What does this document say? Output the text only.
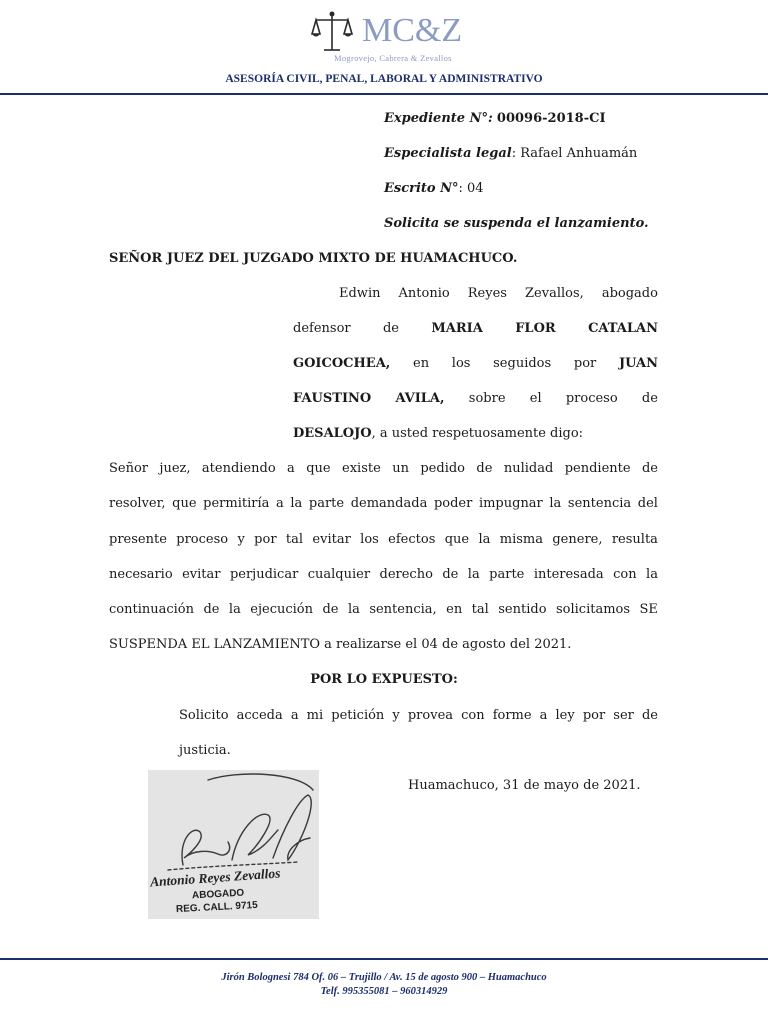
MC&Z
Mogrovejo, Cabrera & Zevallos
ASESORÍA CIVIL, PENAL, LABORAL Y ADMINISTRATIVO
Expediente N°: 00096-2018-CI
Especialista legal: Rafael Anhuamán
Escrito N°: 04
Solicita se suspenda el lanzamiento.
SEÑOR JUEZ DEL JUZGADO MIXTO DE HUAMACHUCO.
Edwin Antonio Reyes Zevallos, abogado
defensor de MARIA FLOR CATALAN
GOICOCHEA, en los seguidos por JUAN
FAUSTINO AVILA, sobre el proceso de
DESALOJO , a usted respetuosamente digo:
Señor juez, atendiendo a que existe un pedido de nulidad pendiente de
resolver, que permitiría a la parte demandada poder impugnar la sentencia del
presente proceso y por tal evitar los efectos que la misma genere, resulta
necesario evitar perjudicar cualquier derecho de la parte interesada con la
continuación de la ejecución de la sentencia, en tal sentido solicitamos SE
SUSPENDA EL LANZAMIENTO a realizarse el 04 de agosto del 2021.
POR LO EXPUESTO:
Solicito acceda a mi petición y provea con forme a ley por ser de
justicia.
Antonio Reyes Zevallos
ABOGADO
REG. CALL. 9715
Huamachuco, 31 de mayo de 2021.
Jirón Bolognesi 784 Of. 06 – Trujillo / Av. 15 de agosto 900 – Huamachuco
Telf. 995355081 – 960314929
